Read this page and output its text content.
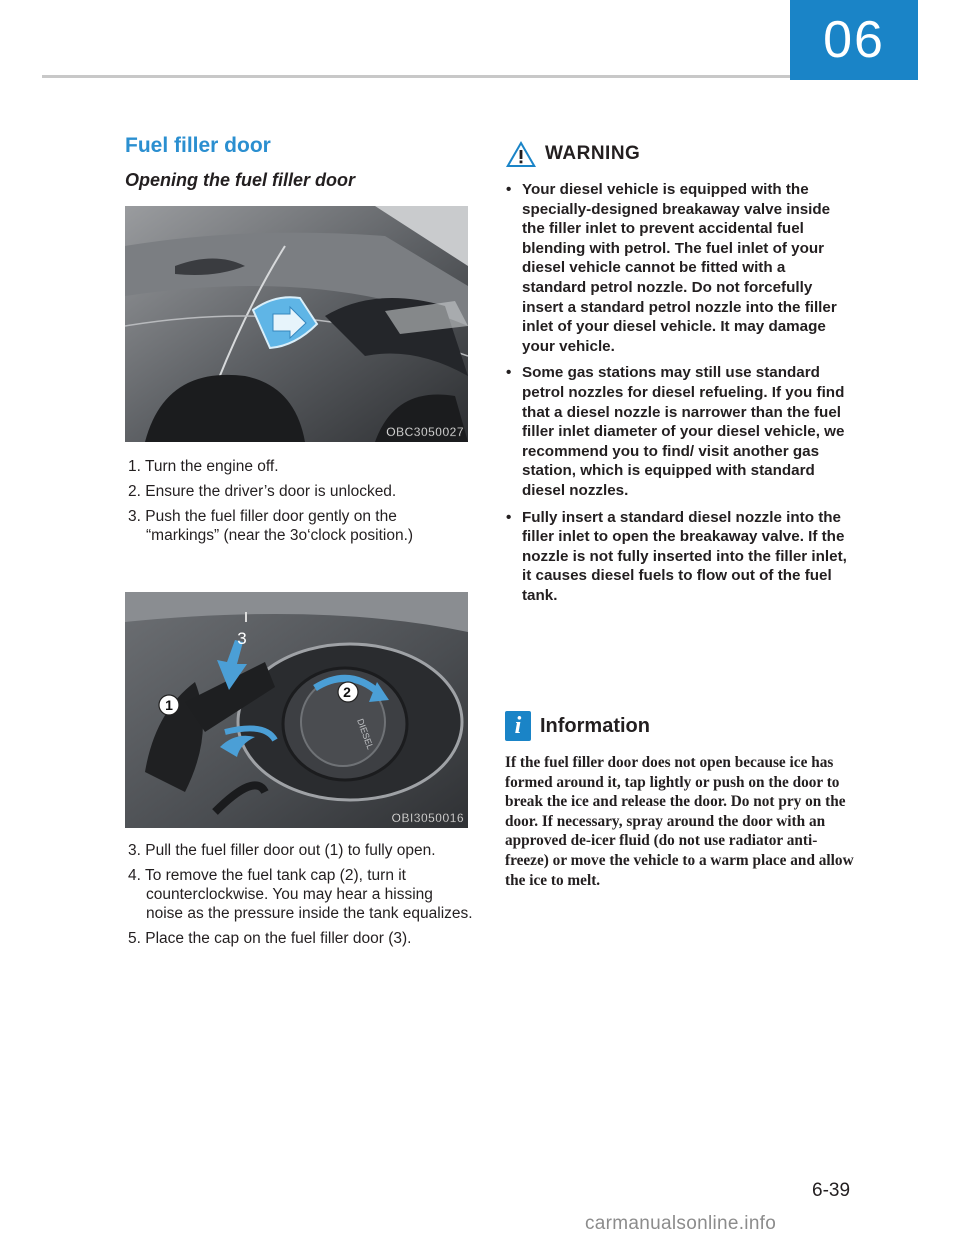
06
Fuel filler door
Opening the fuel filler door
OBC3050027
1. Turn the engine off.
2. Ensure the driver’s door is unlocked.
3. Push the fuel filler door gently on the “markings” (near the 3o‘clock position.)
2
1
3
DIESEL
OBI3050016
3. Pull the fuel filler door out (1) to fully open.
4. To remove the fuel tank cap (2), turn it counterclockwise. You may hear a hissing noise as the pressure inside the tank equalizes.
5. Place the cap on the fuel filler door (3).
WARNING
• Your diesel vehicle is equipped with the specially-designed breakaway valve inside the filler inlet to prevent accidental fuel blending with petrol. The fuel inlet of your diesel vehicle cannot be fitted with a standard petrol nozzle. Do not forcefully insert a standard petrol nozzle into the filler inlet of your diesel vehicle. It may damage your vehicle.
• Some gas stations may still use standard petrol nozzles for diesel refueling. If you find that a diesel nozzle is narrower than the fuel filler inlet diameter of your diesel vehicle, we recommend you to find/ visit another gas station, which is equipped with standard diesel nozzles.
• Fully insert a standard diesel nozzle into the filler inlet to open the breakaway valve. If the nozzle is not fully inserted into the filler inlet, it causes diesel fuels to flow out of the fuel tank.
i Information

If the fuel filler door does not open because ice has formed around it, tap lightly or push on the door to break the ice and release the door. Do not pry on the door. If necessary, spray around the door with an approved de-icer fluid (do not use radiator anti-freeze) or move the vehicle to a warm place and allow the ice to melt.

6-39
carmanualsonline.info
